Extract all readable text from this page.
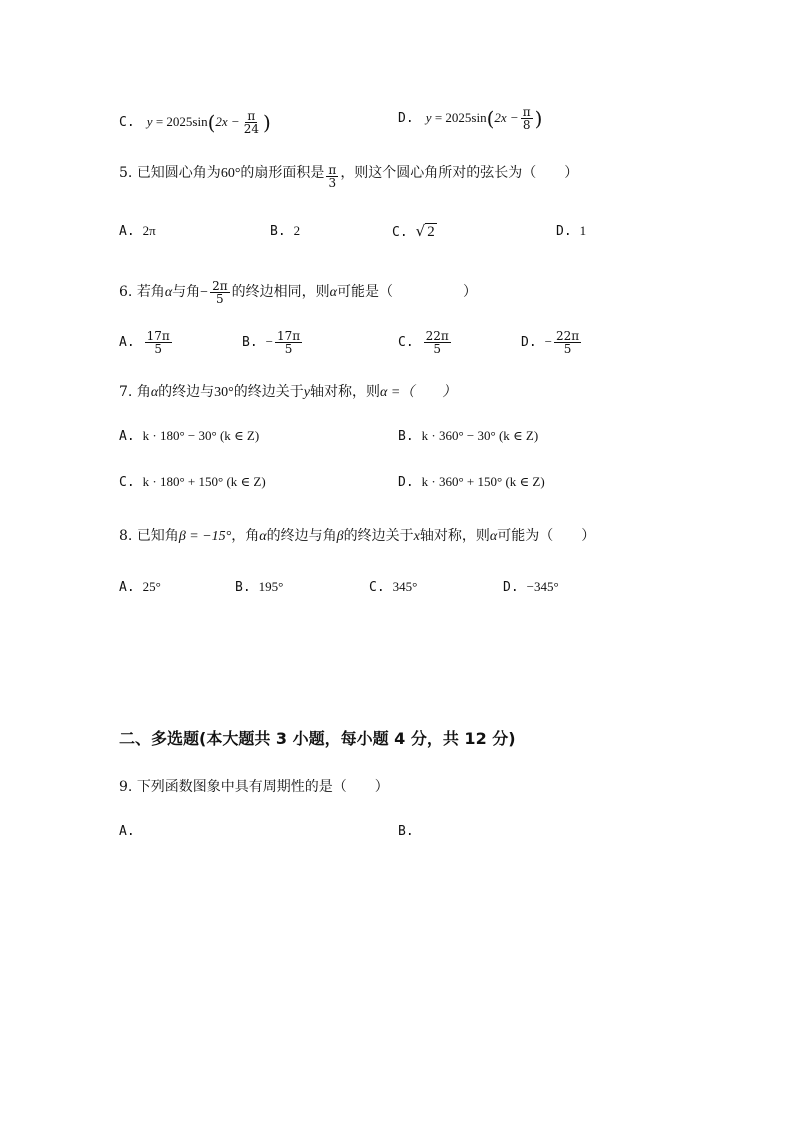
C. $y = 2025\sin(2x - \frac{\pi}{24}$ )	D. $y = 2025\sin(2x - \frac{\pi}{8}$ )
5. 已知圆心角为60°的扇形面积是 $\frac{\pi}{3}$ ，则这个圆心角所对的弦长为（　　）
A. 2π	B. 2	C. √ 2	D. 1
6. 若角α与角− $\frac{2\pi}{5}$ 的终边相同，则α可能是（　　　　　）
A. $\frac{17\pi}{5}$	B. − $\frac{17\pi}{5}$	C. $\frac{22\pi}{5}$	D. − $\frac{22\pi}{5}$
7. 角α的终边与30°的终边关于y轴对称，则α =（　　）
A. k · 180° − 30° (k ∈ Z)	B. k · 360° − 30° (k ∈ Z)
C. k · 180° + 150° (k ∈ Z)	D. k · 360° + 150° (k ∈ Z)
8. 已知角β = −15°，角α的终边与角β的终边关于x轴对称，则α可能为（　　）
A. 25°	B. 195°	C. 345°	D. −345°
二、多选题(本大题共 3 小题，每小题 4 分，共 12 分)
9. 下列函数图象中具有周期性的是（　　）
A.	B.
